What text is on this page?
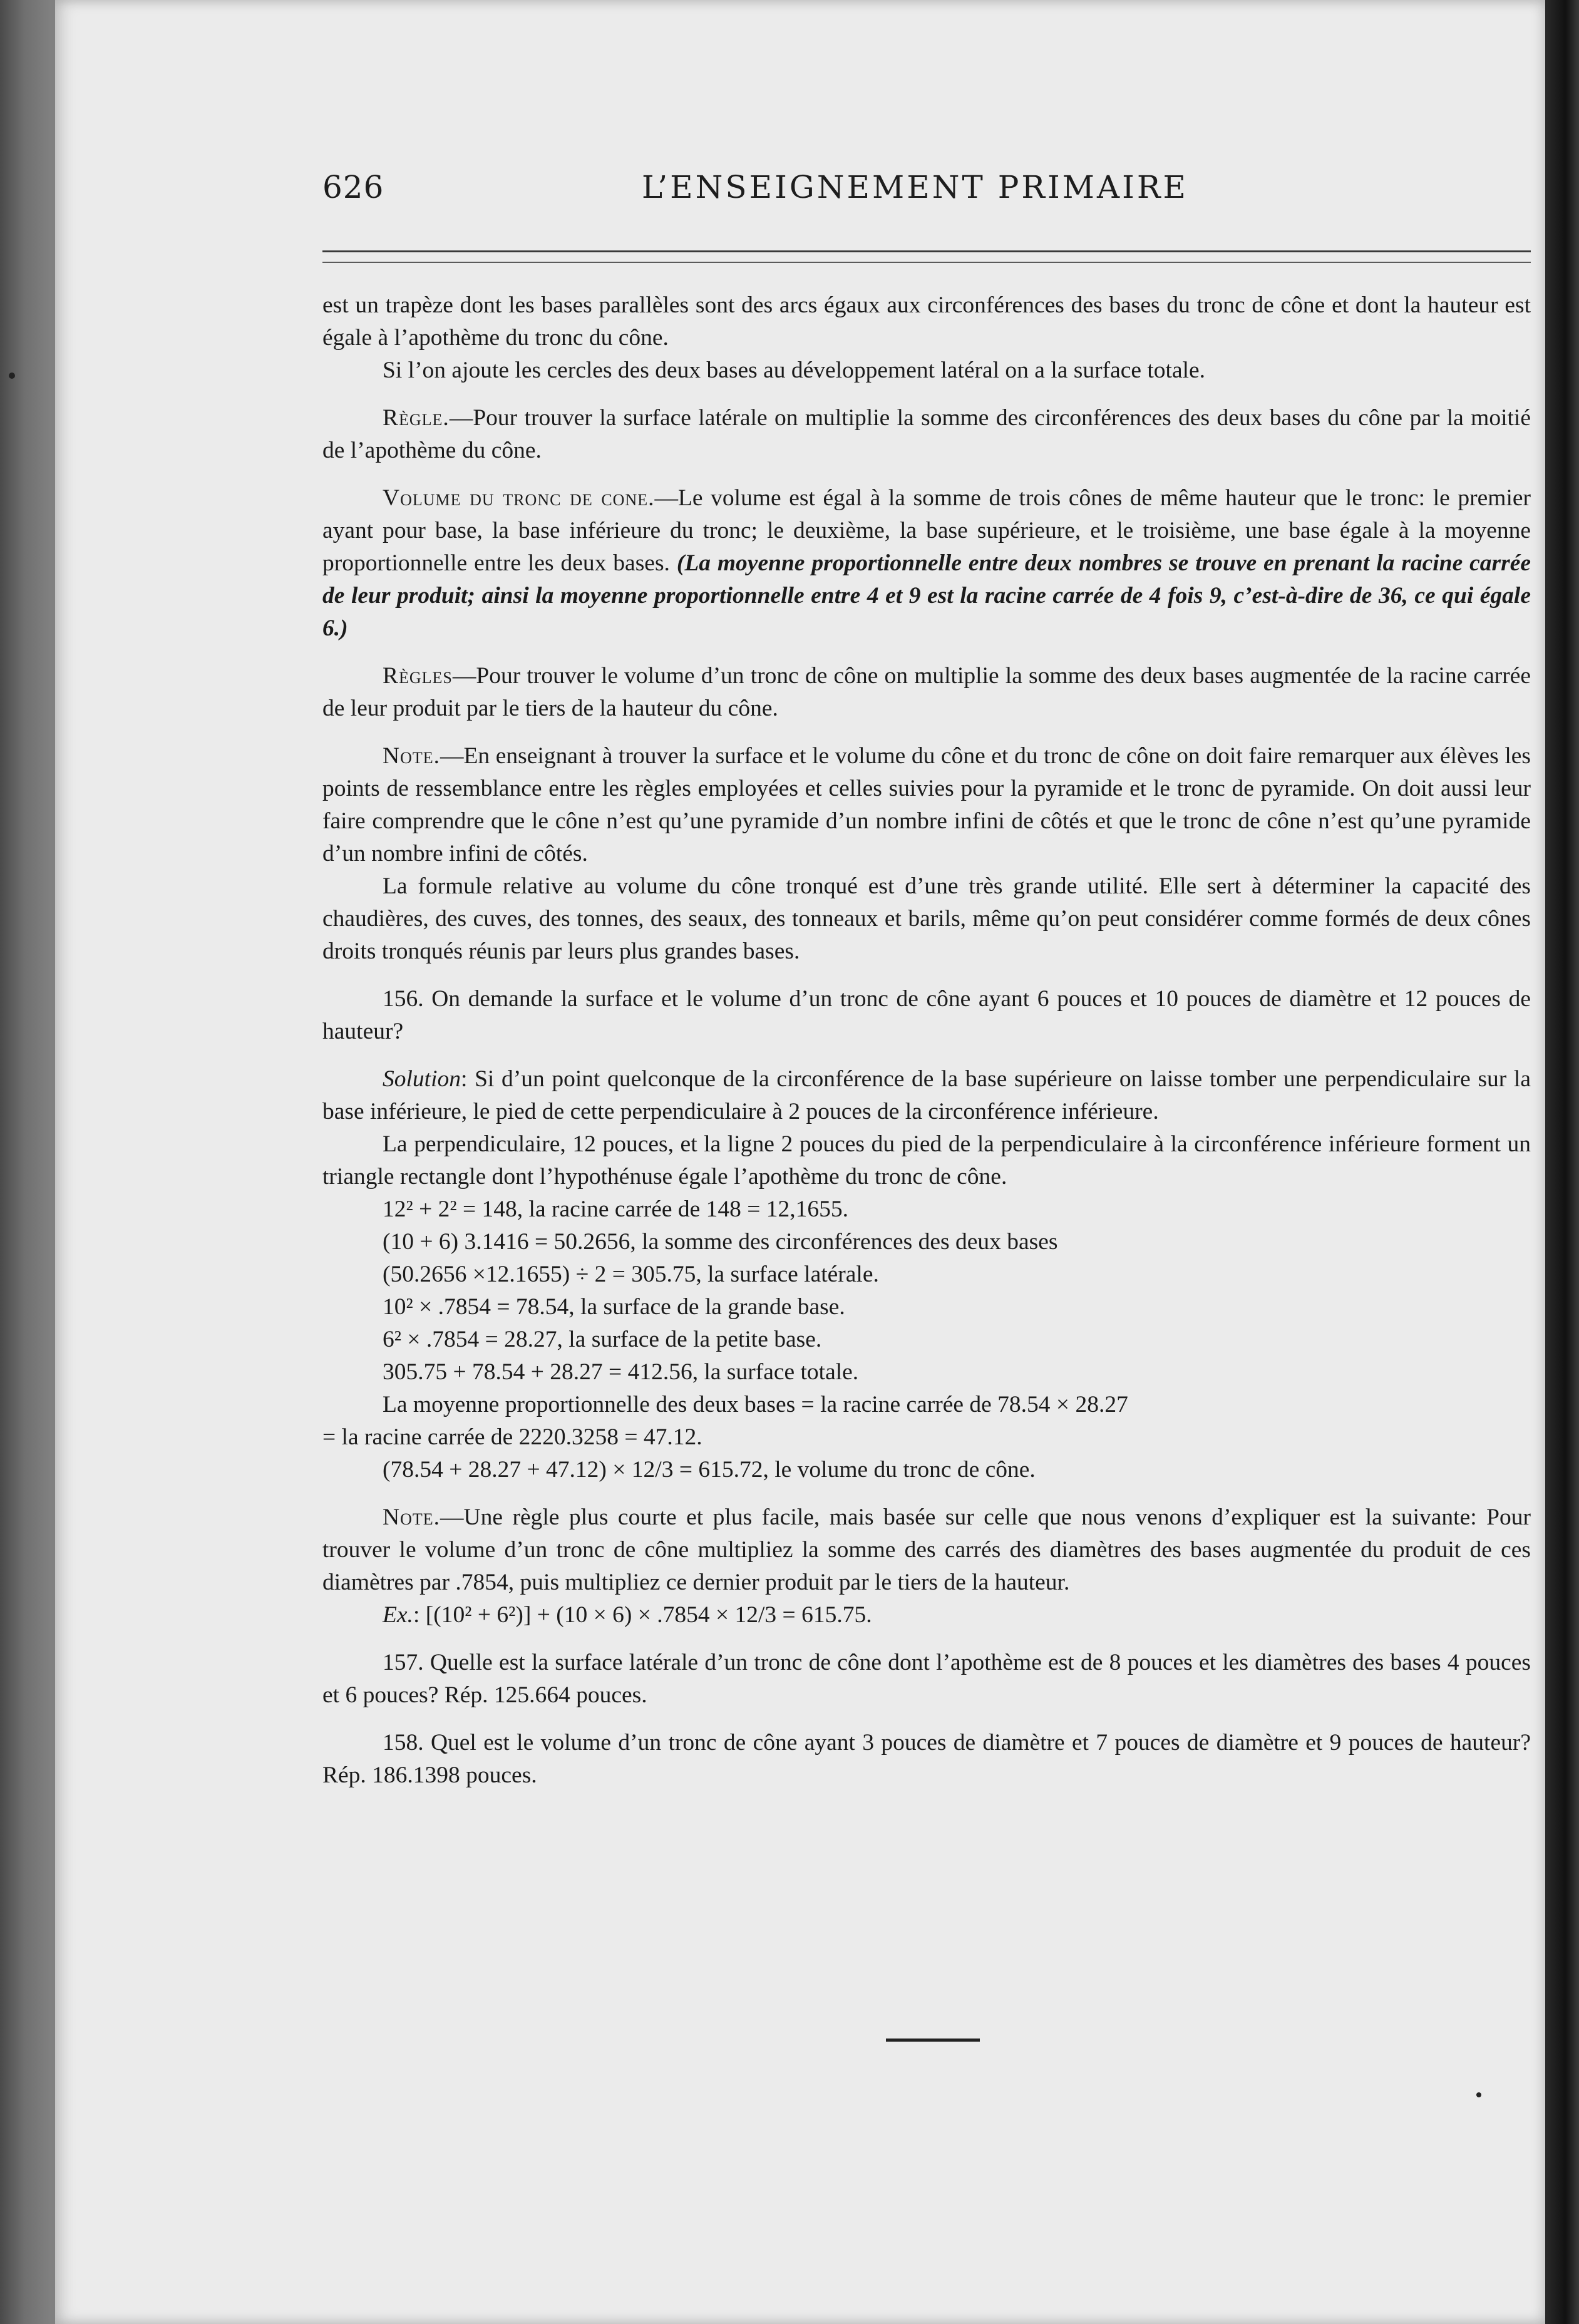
626	L’ENSEIGNEMENT PRIMAIRE

est un trapèze dont les bases parallèles sont des arcs égaux aux circonférences des bases du tronc de cône et dont la hauteur est égale à l’apothème du tronc du cône.

Si l’on ajoute les cercles des deux bases au développement latéral on a la surface totale.

Règle.—Pour trouver la surface latérale on multiplie la somme des circonférences des deux bases du cône par la moitié de l’apothème du cône.

Volume du tronc de cone.—Le volume est égal à la somme de trois cônes de même hauteur que le tronc: le premier ayant pour base, la base inférieure du tronc; le deuxième, la base supérieure, et le troisième, une base égale à la moyenne proportionnelle entre les deux bases. (La moyenne proportionnelle entre deux nombres se trouve en prenant la racine carrée de leur produit; ainsi la moyenne proportionnelle entre 4 et 9 est la racine carrée de 4 fois 9, c’est-à-dire de 36, ce qui égale 6.)

Règles—Pour trouver le volume d’un tronc de cône on multiplie la somme des deux bases augmentée de la racine carrée de leur produit par le tiers de la hauteur du cône.

Note.—En enseignant à trouver la surface et le volume du cône et du tronc de cône on doit faire remarquer aux élèves les points de ressemblance entre les règles employées et celles suivies pour la pyramide et le tronc de pyramide. On doit aussi leur faire comprendre que le cône n’est qu’une pyramide d’un nombre infini de côtés et que le tronc de cône n’est qu’une pyramide d’un nombre infini de côtés.

La formule relative au volume du cône tronqué est d’une très grande utilité. Elle sert à déterminer la capacité des chaudières, des cuves, des tonnes, des seaux, des tonneaux et barils, même qu’on peut considérer comme formés de deux cônes droits tronqués réunis par leurs plus grandes bases.

156. On demande la surface et le volume d’un tronc de cône ayant 6 pouces et 10 pouces de diamètre et 12 pouces de hauteur?

Solution: Si d’un point quelconque de la circonférence de la base supérieure on laisse tomber une perpendiculaire sur la base inférieure, le pied de cette perpendiculaire à 2 pouces de la circonférence inférieure.

La perpendiculaire, 12 pouces, et la ligne 2 pouces du pied de la perpendiculaire à la circonférence inférieure forment un triangle rectangle dont l’hypothénuse égale l’apothème du tronc de cône.

12² + 2² = 148, la racine carrée de 148 = 12,1655.

(10 + 6) 3.1416 = 50.2656, la somme des circonférences des deux bases

(50.2656 ×12.1655) ÷ 2 = 305.75, la surface latérale.

10² × .7854 = 78.54, la surface de la grande base.

6² × .7854 = 28.27, la surface de la petite base.

305.75 + 78.54 + 28.27 = 412.56, la surface totale.

La moyenne proportionnelle des deux bases = la racine carrée de 78.54 × 28.27

= la racine carrée de 2220.3258 = 47.12.

(78.54 + 28.27 + 47.12) × 12/3 = 615.72, le volume du tronc de cône.

Note.—Une règle plus courte et plus facile, mais basée sur celle que nous venons d’expliquer est la suivante: Pour trouver le volume d’un tronc de cône multipliez la somme des carrés des diamètres des bases augmentée du produit de ces diamètres par .7854, puis multipliez ce dernier produit par le tiers de la hauteur.

Ex.: [(10² + 6²)] + (10 × 6) × .7854 × 12/3 = 615.75.

157. Quelle est la surface latérale d’un tronc de cône dont l’apothème est de 8 pouces et les diamètres des bases 4 pouces et 6 pouces? Rép. 125.664 pouces.

158. Quel est le volume d’un tronc de cône ayant 3 pouces de diamètre et 7 pouces de diamètre et 9 pouces de hauteur? Rép. 186.1398 pouces.
